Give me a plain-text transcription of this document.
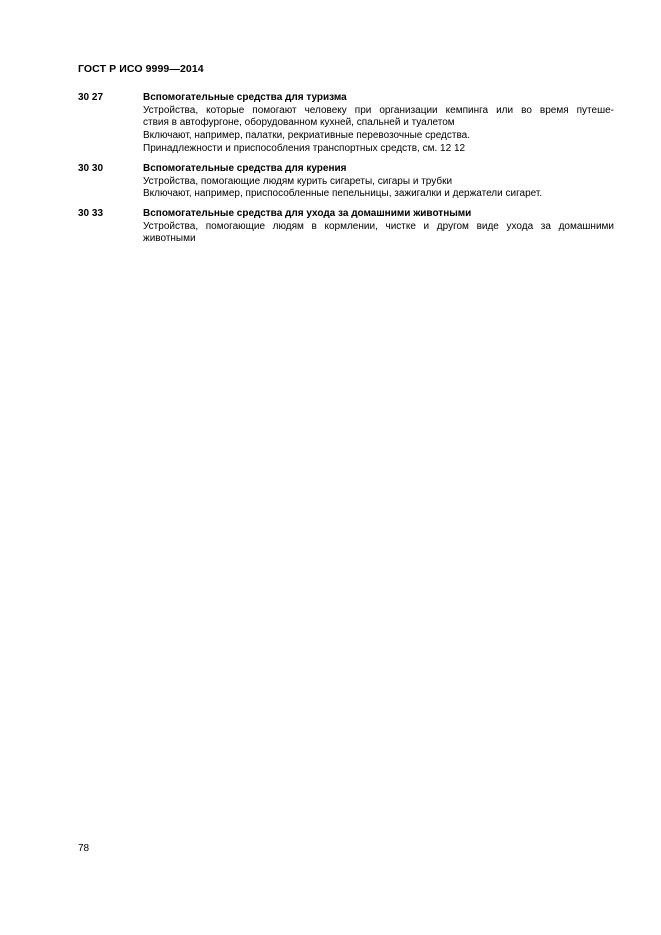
ГОСТ Р ИСО 9999—2014
30 27	Вспомогательные средства для туризма
Устройства, которые помогают человеку при организации кемпинга или во время путеше-
ствия в автофургоне, оборудованном кухней, спальней и туалетом
Включают, например, палатки, рекриативные перевозочные средства.
Принадлежности и приспособления транспортных средств, см. 12 12
30 30	Вспомогательные средства для курения
Устройства, помогающие людям курить сигареты, сигары и трубки
Включают, например, приспособленные пепельницы, зажигалки и держатели сигарет.
30 33	Вспомогательные средства для ухода за домашними животными
Устройства, помогающие людям в кормлении, чистке и другом виде ухода за домашними
животными
78
